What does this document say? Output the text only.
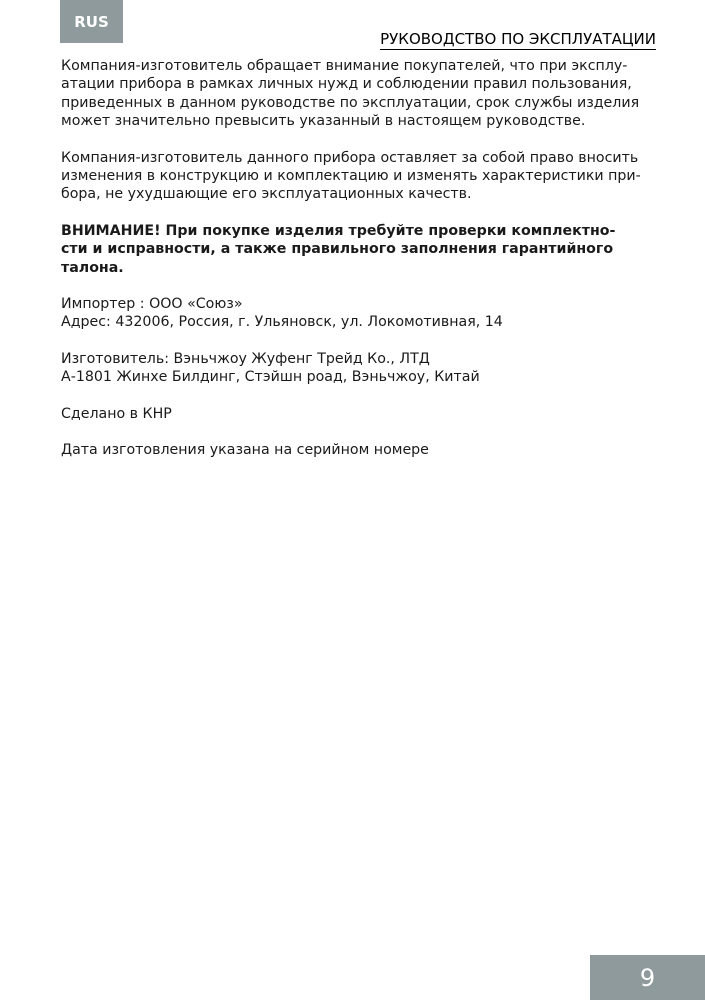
RUS
РУКОВОДСТВО ПО ЭКСПЛУАТАЦИИ

Компания-изготовитель обращает внимание покупателей, что при эксплу-
атации прибора в рамках личных нужд и соблюдении правил пользования,
приведенных в данном руководстве по эксплуатации, срок службы изделия
может значительно превысить указанный в настоящем руководстве.

Компания-изготовитель данного прибора оставляет за собой право вносить
изменения в конструкцию и комплектацию и изменять характеристики при-
бора, не ухудшающие его эксплуатационных качеств.

ВНИМАНИЕ! При покупке изделия требуйте проверки комплектно-
сти и исправности, а также правильного заполнения гарантийного
талона.

Импортер : ООО «Союз»
Адрес: 432006, Россия, г. Ульяновск, ул. Локомотивная, 14

Изготовитель: Вэньчжоу Жуфенг Трейд Ко., ЛТД
А-1801 Жинхе Билдинг, Стэйшн роад, Вэньчжоу, Китай

Сделано в КНР

Дата изготовления указана на серийном номере

9
